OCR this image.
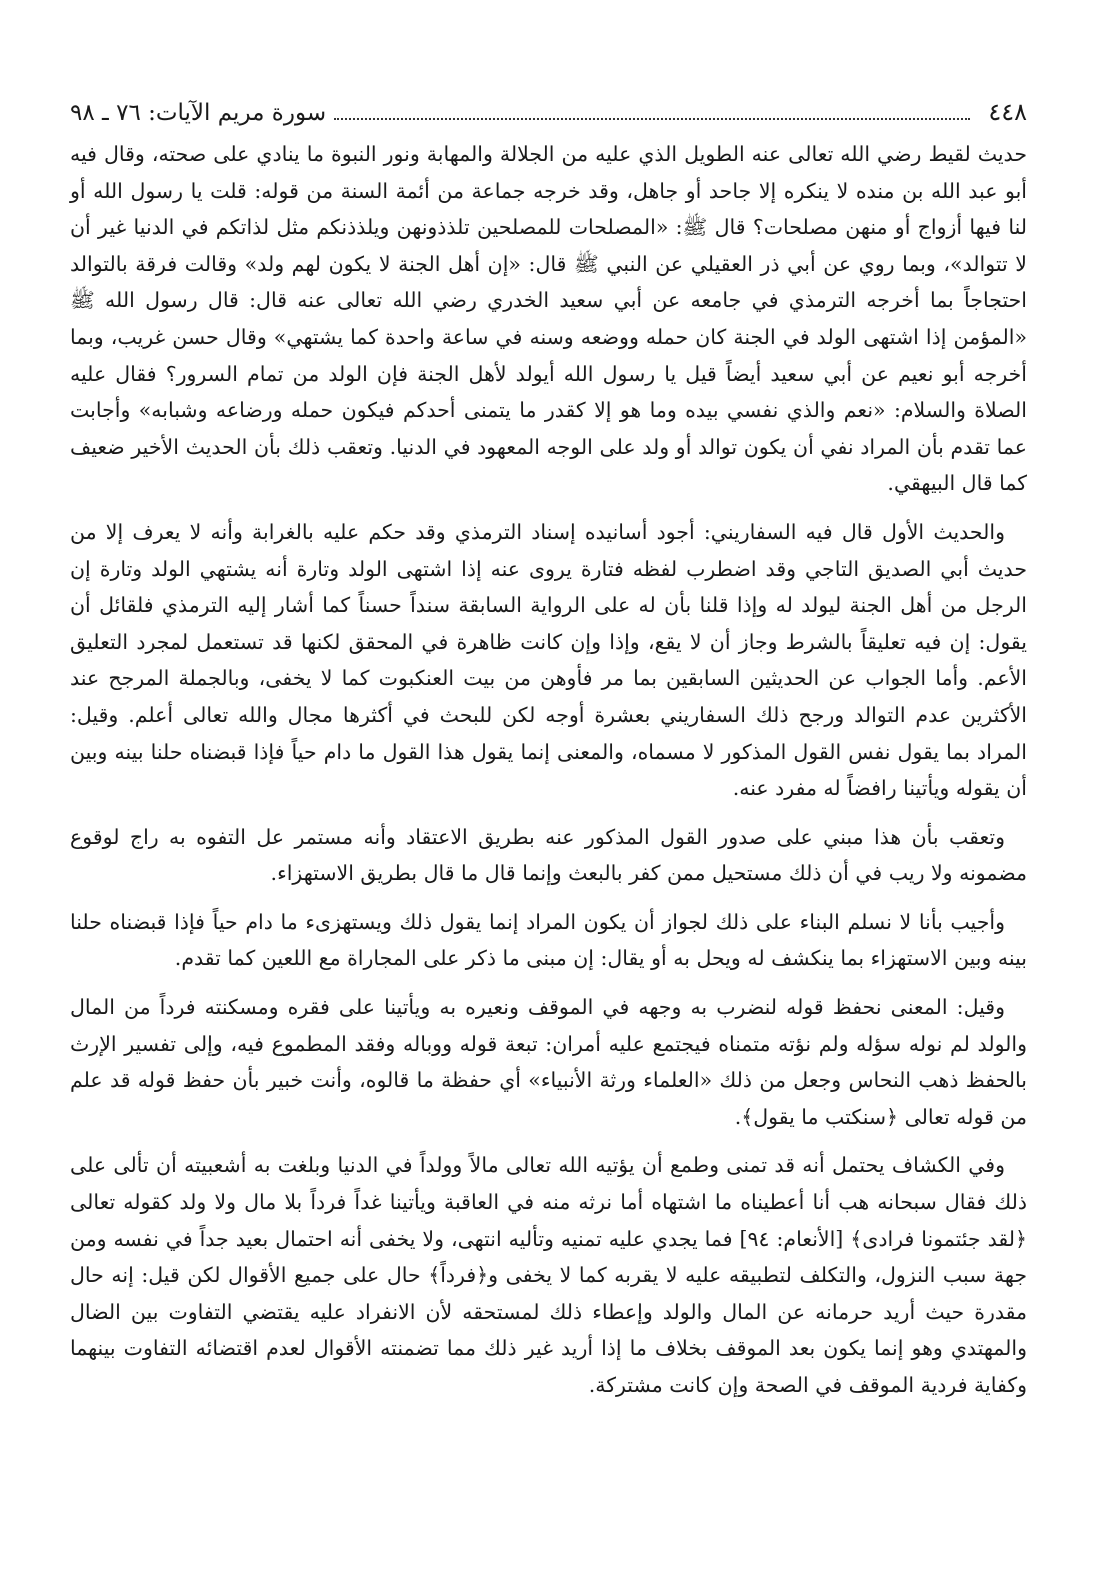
٤٤٨
سورة مريم الآيات: ٧٦ ـ ٩٨

حديث لقيط رضي الله تعالى عنه الطويل الذي عليه من الجلالة والمهابة ونور النبوة ما ينادي على صحته، وقال فيه أبو عبد الله بن منده لا ينكره إلا جاحد أو جاهل، وقد خرجه جماعة من أئمة السنة من قوله: قلت يا رسول الله أو لنا فيها أزواج أو منهن مصلحات؟ قال ﷺ: «المصلحات للمصلحين تلذذونهن ويلذذنكم مثل لذاتكم في الدنيا غير أن لا تتوالد»، وبما روي عن أبي ذر العقيلي عن النبي ﷺ قال: «إن أهل الجنة لا يكون لهم ولد» وقالت فرقة بالتوالد احتجاجاً بما أخرجه الترمذي في جامعه عن أبي سعيد الخدري رضي الله تعالى عنه قال: قال رسول الله ﷺ «المؤمن إذا اشتهى الولد في الجنة كان حمله ووضعه وسنه في ساعة واحدة كما يشتهي» وقال حسن غريب، وبما أخرجه أبو نعيم عن أبي سعيد أيضاً قيل يا رسول الله أيولد لأهل الجنة فإن الولد من تمام السرور؟ فقال عليه الصلاة والسلام: «نعم والذي نفسي بيده وما هو إلا كقدر ما يتمنى أحدكم فيكون حمله ورضاعه وشبابه» وأجابت عما تقدم بأن المراد نفي أن يكون توالد أو ولد على الوجه المعهود في الدنيا. وتعقب ذلك بأن الحديث الأخير ضعيف كما قال البيهقي.

والحديث الأول قال فيه السفاريني: أجود أسانيده إسناد الترمذي وقد حكم عليه بالغرابة وأنه لا يعرف إلا من حديث أبي الصديق التاجي وقد اضطرب لفظه فتارة يروى عنه إذا اشتهى الولد وتارة أنه يشتهي الولد وتارة إن الرجل من أهل الجنة ليولد له وإذا قلنا بأن له على الرواية السابقة سنداً حسناً كما أشار إليه الترمذي فلقائل أن يقول: إن فيه تعليقاً بالشرط وجاز أن لا يقع، وإذا وإن كانت ظاهرة في المحقق لكنها قد تستعمل لمجرد التعليق الأعم. وأما الجواب عن الحديثين السابقين بما مر فأوهن من بيت العنكبوت كما لا يخفى، وبالجملة المرجح عند الأكثرين عدم التوالد ورجح ذلك السفاريني بعشرة أوجه لكن للبحث في أكثرها مجال والله تعالى أعلم. وقيل: المراد بما يقول نفس القول المذكور لا مسماه، والمعنى إنما يقول هذا القول ما دام حياً فإذا قبضناه حلنا بينه وبين أن يقوله ويأتينا رافضاً له مفرد عنه.

وتعقب بأن هذا مبني على صدور القول المذكور عنه بطريق الاعتقاد وأنه مستمر عل التفوه به راج لوقوع مضمونه ولا ريب في أن ذلك مستحيل ممن كفر بالبعث وإنما قال ما قال بطريق الاستهزاء.

وأجيب بأنا لا نسلم البناء على ذلك لجواز أن يكون المراد إنما يقول ذلك ويستهزىء ما دام حياً فإذا قبضناه حلنا بينه وبين الاستهزاء بما ينكشف له ويحل به أو يقال: إن مبنى ما ذكر على المجاراة مع اللعين كما تقدم.

وقيل: المعنى نحفظ قوله لنضرب به وجهه في الموقف ونعيره به ويأتينا على فقره ومسكنته فرداً من المال والولد لم نوله سؤله ولم نؤته متمناه فيجتمع عليه أمران: تبعة قوله ووباله وفقد المطموع فيه، وإلى تفسير الإرث بالحفظ ذهب النحاس وجعل من ذلك «العلماء ورثة الأنبياء» أي حفظة ما قالوه، وأنت خبير بأن حفظ قوله قد علم من قوله تعالى ﴿سنكتب ما يقول﴾.

وفي الكشاف يحتمل أنه قد تمنى وطمع أن يؤتيه الله تعالى مالاً وولداً في الدنيا وبلغت به أشعبيته أن تألى على ذلك فقال سبحانه هب أنا أعطيناه ما اشتهاه أما نرثه منه في العاقبة ويأتينا غداً فرداً بلا مال ولا ولد كقوله تعالى ﴿لقد جئتمونا فرادى﴾ [الأنعام: ٩٤] فما يجدي عليه تمنيه وتأليه انتهى، ولا يخفى أنه احتمال بعيد جداً في نفسه ومن جهة سبب النزول، والتكلف لتطبيقه عليه لا يقربه كما لا يخفى و﴿فرداً﴾ حال على جميع الأقوال لكن قيل: إنه حال مقدرة حيث أريد حرمانه عن المال والولد وإعطاء ذلك لمستحقه لأن الانفراد عليه يقتضي التفاوت بين الضال والمهتدي وهو إنما يكون بعد الموقف بخلاف ما إذا أريد غير ذلك مما تضمنته الأقوال لعدم اقتضائه التفاوت بينهما وكفاية فردية الموقف في الصحة وإن كانت مشتركة.
